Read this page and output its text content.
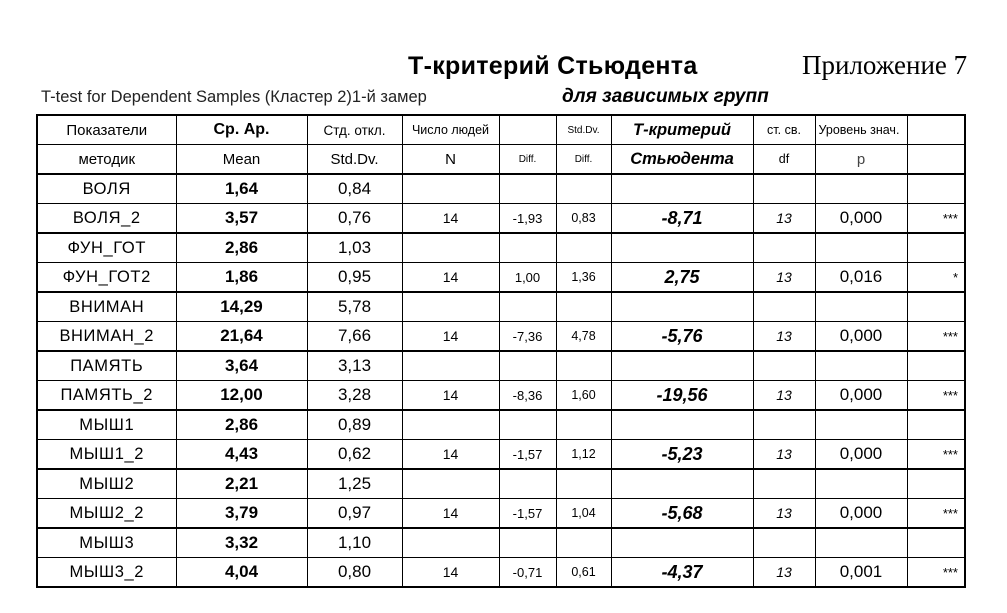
Т-критерий Стьюдента	Приложение 7
T-test for Dependent Samples (Кластер 2)1-й замер	для зависимых групп
Показатели	Ср. Ар.	Стд. откл.	Число людей		Std.Dv.	Т-критерий	ст. св.	Уровень знач.	
методик	Mean	Std.Dv.	N	Diff.	Diff.	Стьюдента	df	p	
ВОЛЯ	1,64	0,84							
ВОЛЯ_2	3,57	0,76	14	-1,93	0,83	-8,71	13	0,000	***
ФУН_ГОТ	2,86	1,03							
ФУН_ГОТ2	1,86	0,95	14	1,00	1,36	2,75	13	0,016	*
ВНИМАН	14,29	5,78							
ВНИМАН_2	21,64	7,66	14	-7,36	4,78	-5,76	13	0,000	***
ПАМЯТЬ	3,64	3,13							
ПАМЯТЬ_2	12,00	3,28	14	-8,36	1,60	-19,56	13	0,000	***
МЫШ1	2,86	0,89							
МЫШ1_2	4,43	0,62	14	-1,57	1,12	-5,23	13	0,000	***
МЫШ2	2,21	1,25							
МЫШ2_2	3,79	0,97	14	-1,57	1,04	-5,68	13	0,000	***
МЫШ3	3,32	1,10							
МЫШ3_2	4,04	0,80	14	-0,71	0,61	-4,37	13	0,001	***
